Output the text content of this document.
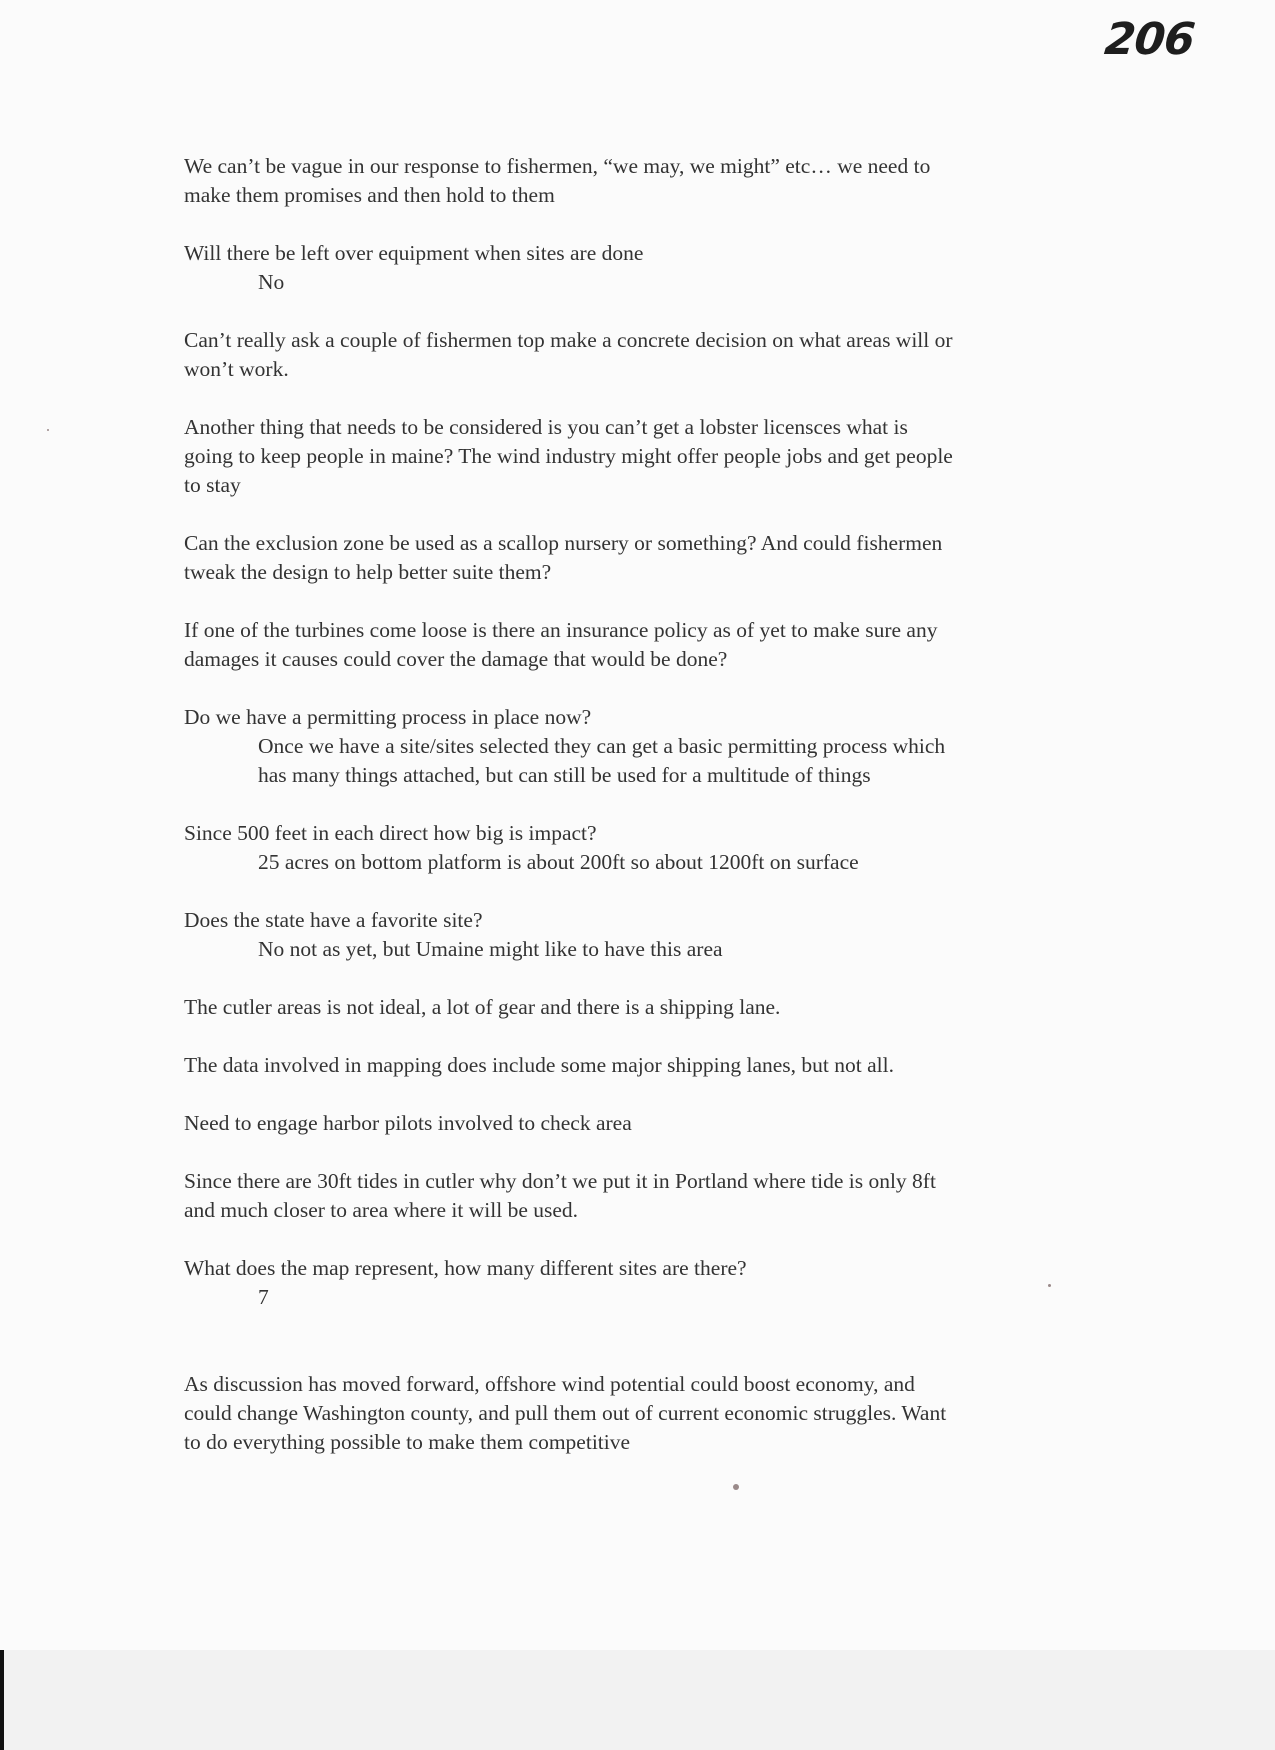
206
We can’t be vague in our response to fishermen, “we may, we might” etc… we need to
make them promises and then hold to them
Will there be left over equipment when sites are done
No
Can’t really ask a couple of fishermen top make a concrete decision on what areas will or
won’t work.
Another thing that needs to be considered is you can’t get a lobster licensces what is
going to keep people in maine? The wind industry might offer people jobs and get people
to stay
Can the exclusion zone be used as a scallop nursery or something? And could fishermen
tweak the design to help better suite them?
If one of the turbines come loose is there an insurance policy as of yet to make sure any
damages it causes could cover the damage that would be done?
Do we have a permitting process in place now?
Once we have a site/sites selected they can get a basic permitting process which
has many things attached, but can still be used for a multitude of things
Since 500 feet in each direct how big is impact?
25 acres on bottom platform is about 200ft so about 1200ft on surface
Does the state have a favorite site?
No not as yet, but Umaine might like to have this area
The cutler areas is not ideal, a lot of gear and there is a shipping lane.
The data involved in mapping does include some major shipping lanes, but not all.
Need to engage harbor pilots involved to check area
Since there are 30ft tides in cutler why don’t we put it in Portland where tide is only 8ft
and much closer to area where it will be used.
What does the map represent, how many different sites are there?
7
As discussion has moved forward, offshore wind potential could boost economy, and
could change Washington county, and pull them out of current economic struggles. Want
to do everything possible to make them competitive
